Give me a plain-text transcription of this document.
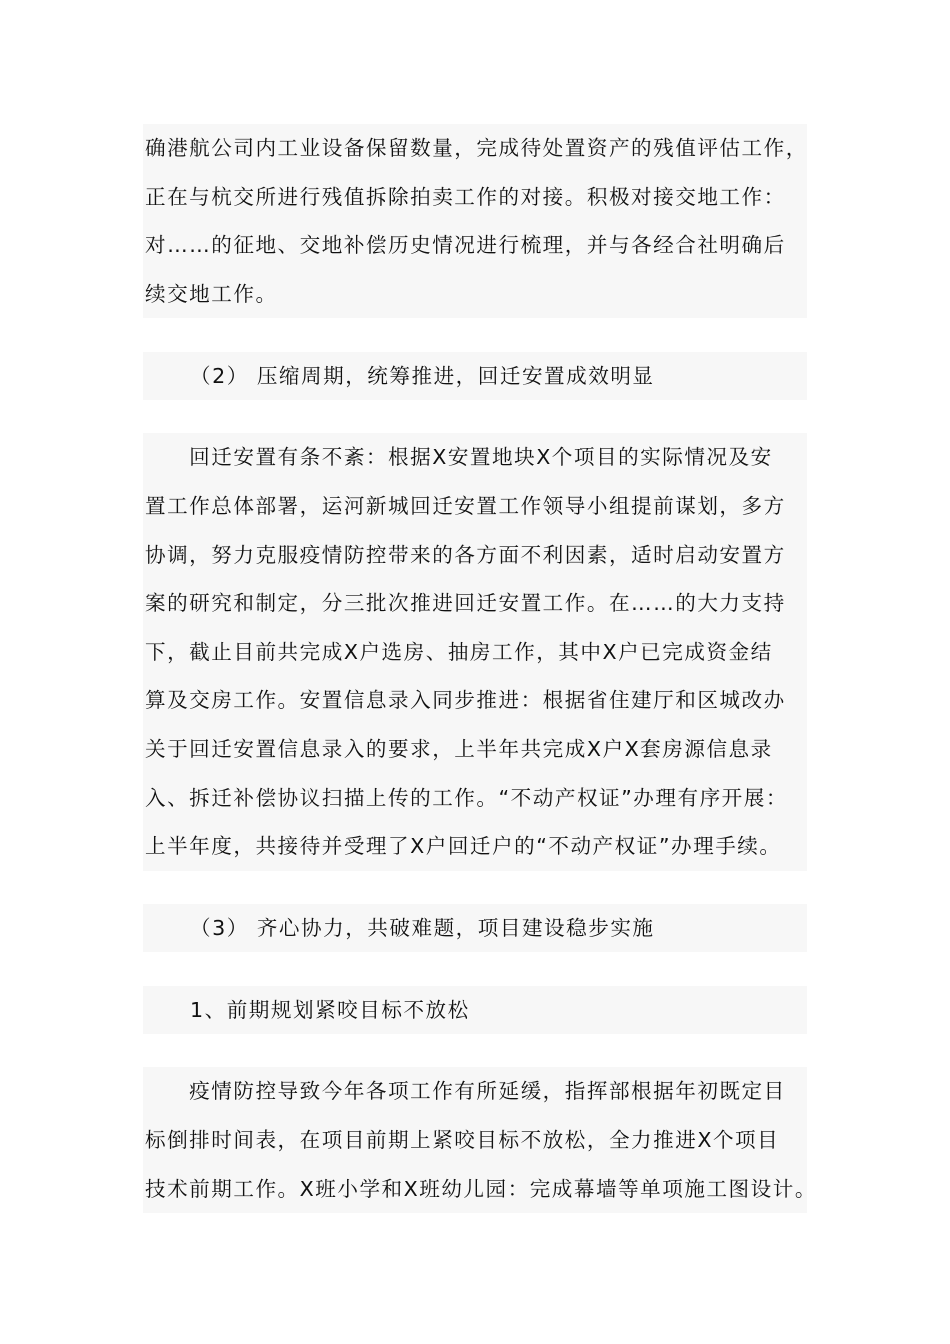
确港航公司内工业设备保留数量，完成待处置资产的残值评估工作，
正在与杭交所进行残值拆除拍卖工作的对接。积极对接交地工作：
对……的征地、交地补偿历史情况进行梳理，并与各经合社明确后
续交地工作。
（2） 压缩周期，统筹推进，回迁安置成效明显
　　回迁安置有条不紊：根据X安置地块X个项目的实际情况及安
置工作总体部署，运河新城回迁安置工作领导小组提前谋划，多方
协调，努力克服疫情防控带来的各方面不利因素，适时启动安置方
案的研究和制定，分三批次推进回迁安置工作。在……的大力支持
下，截止目前共完成X户选房、抽房工作，其中X户已完成资金结
算及交房工作。安置信息录入同步推进：根据省住建厅和区城改办
关于回迁安置信息录入的要求，上半年共完成X户X套房源信息录
入、拆迁补偿协议扫描上传的工作。“不动产权证”办理有序开展：
上半年度，共接待并受理了X户回迁户的“不动产权证”办理手续。
（3） 齐心协力，共破难题，项目建设稳步实施
1、前期规划紧咬目标不放松
　　疫情防控导致今年各项工作有所延缓，指挥部根据年初既定目
标倒排时间表，在项目前期上紧咬目标不放松，全力推进X个项目
技术前期工作。X班小学和X班幼儿园：完成幕墙等单项施工图设计。
